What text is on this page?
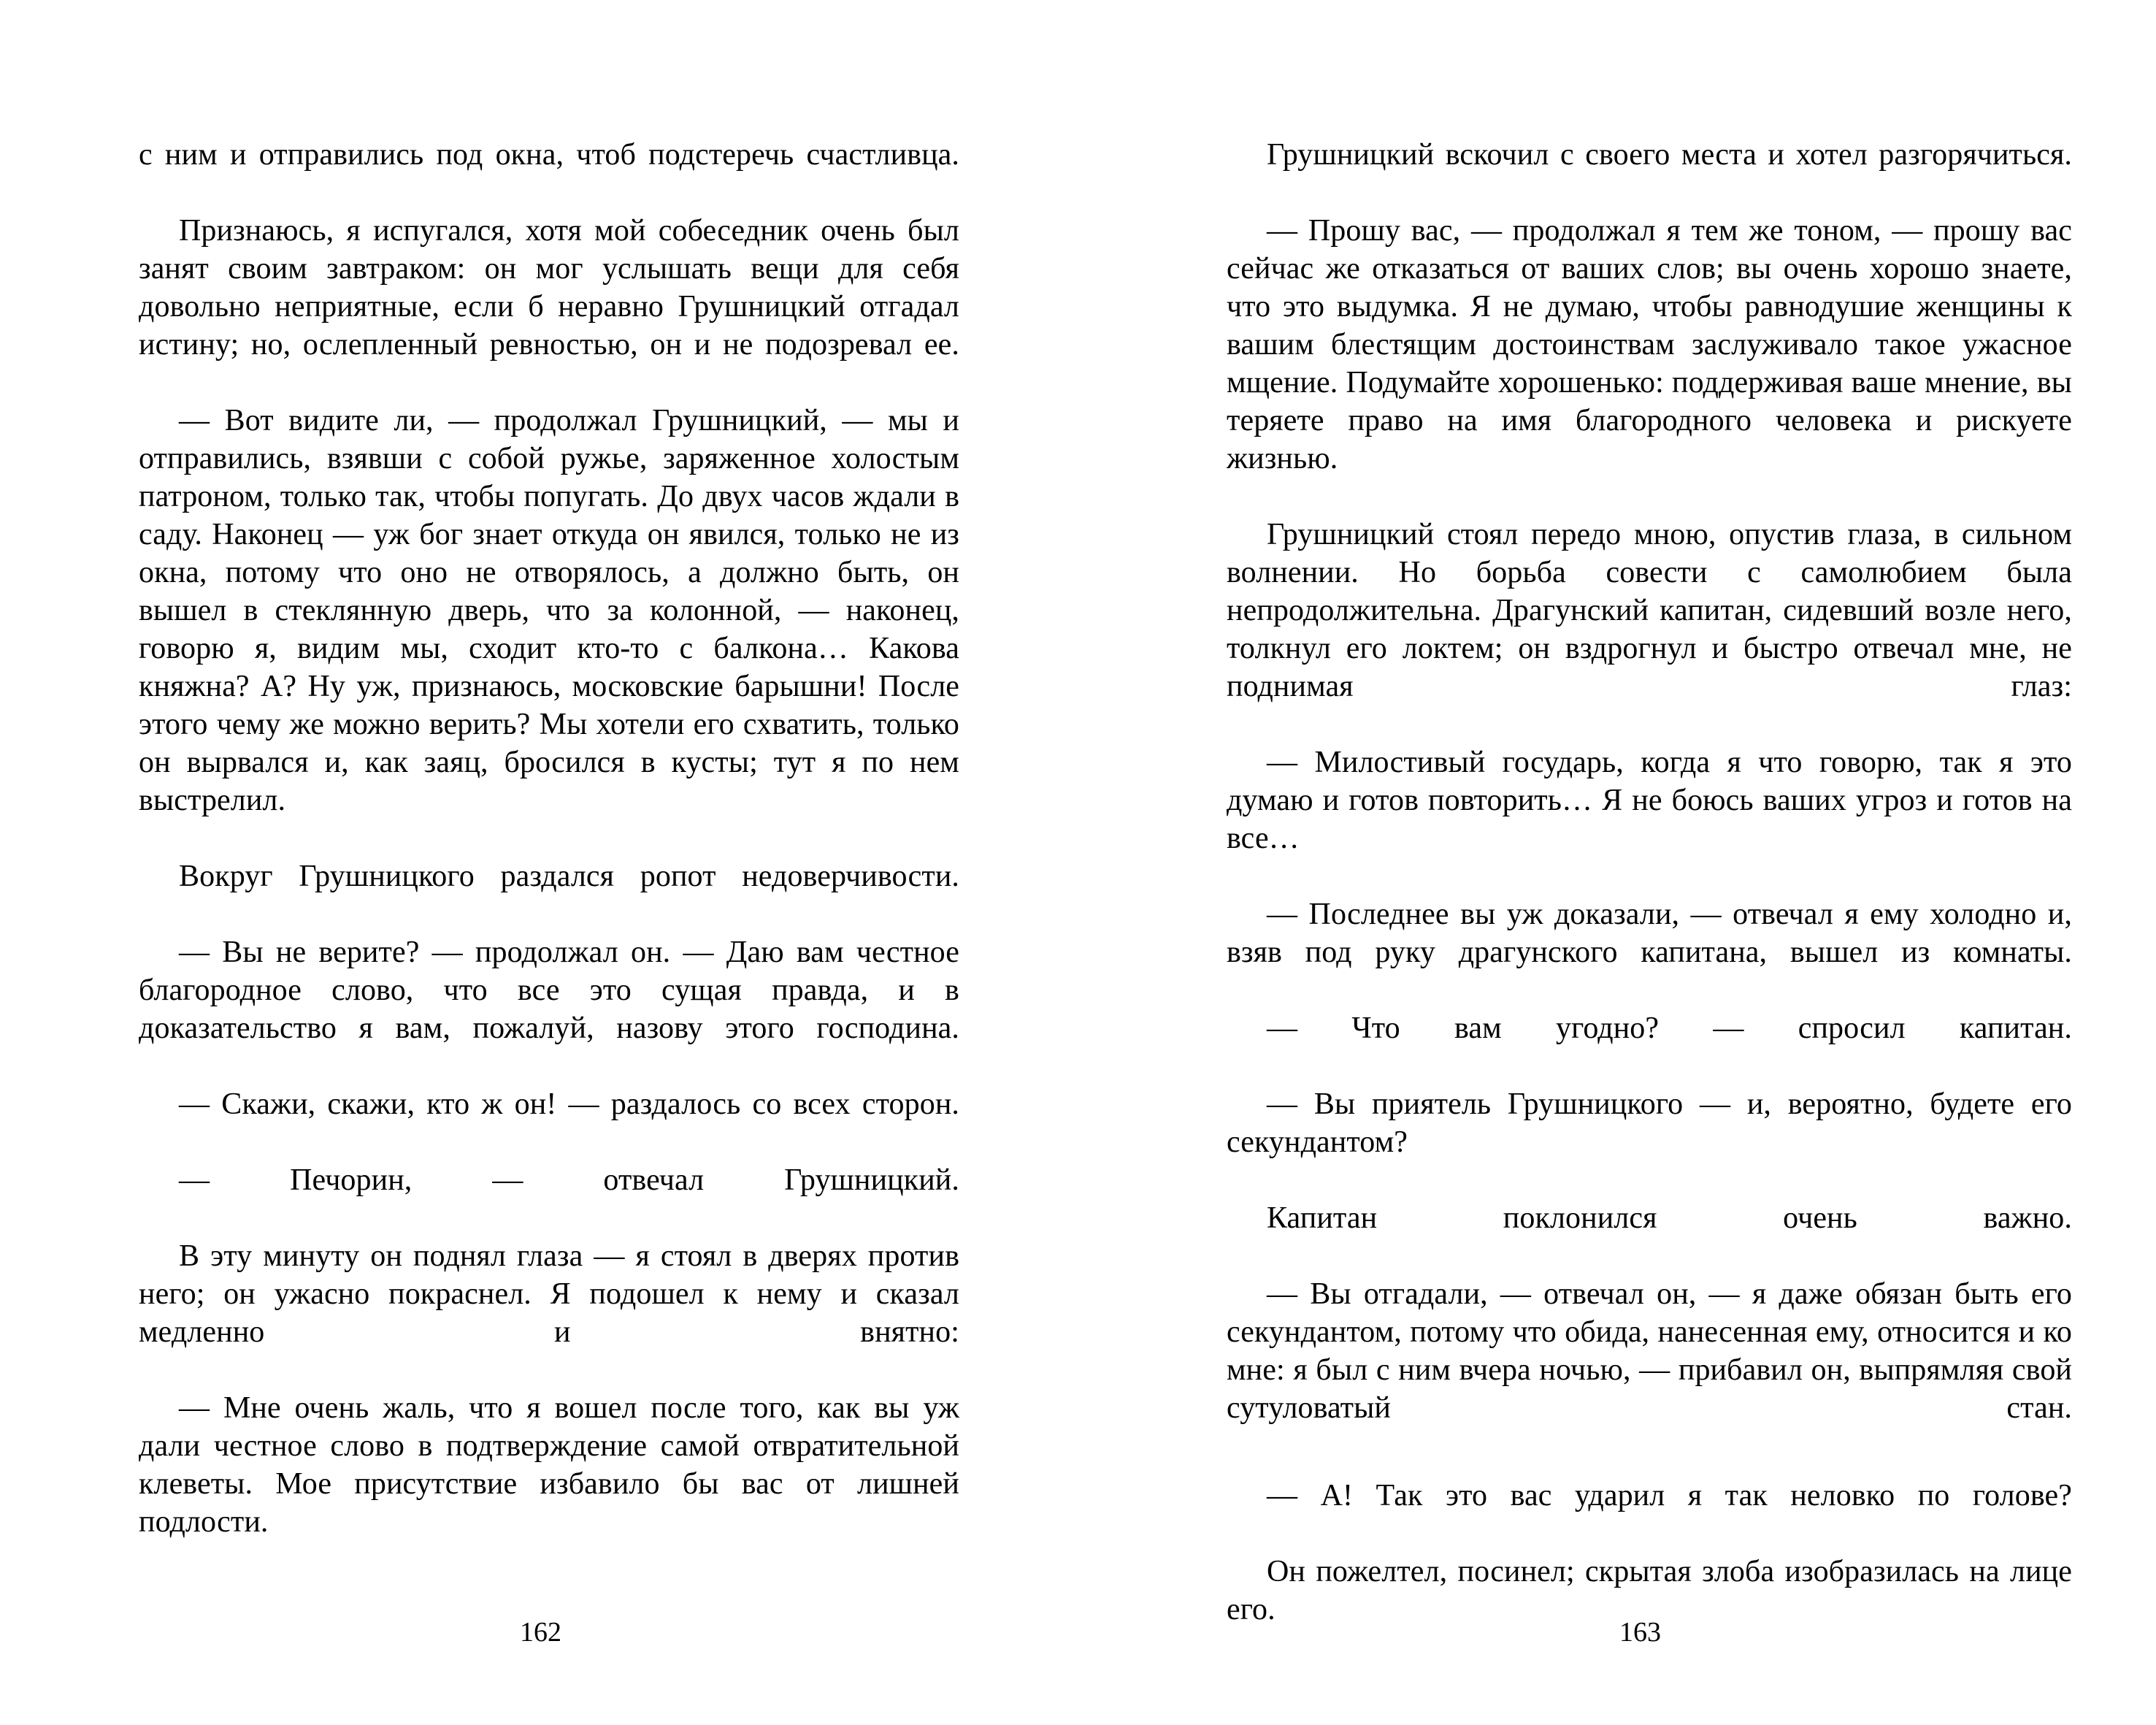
с ним и отправились под окна, чтоб подстеречь счастливца.

Признаюсь, я испугался, хотя мой собеседник очень был занят своим завтраком: он мог услышать вещи для себя довольно неприятные, если б неравно Грушницкий отгадал истину; но, ослепленный ревностью, он и не подозревал ее.

— Вот видите ли, — продолжал Грушницкий, — мы и отправились, взявши с собой ружье, заряженное холостым патроном, только так, чтобы попугать. До двух часов ждали в саду. Наконец — уж бог знает откуда он явился, только не из окна, потому что оно не отворялось, а должно быть, он вышел в стеклянную дверь, что за колонной, — наконец, говорю я, видим мы, сходит кто-то с балкона… Какова княжна? А? Ну уж, признаюсь, московские барышни! После этого чему же можно верить? Мы хотели его схватить, только он вырвался и, как заяц, бросился в кусты; тут я по нем выстрелил.

Вокруг Грушницкого раздался ропот недоверчивости.

— Вы не верите? — продолжал он. — Даю вам честное благородное слово, что все это сущая правда, и в доказательство я вам, пожалуй, назову этого господина.

— Скажи, скажи, кто ж он! — раздалось со всех сторон.

— Печорин, — отвечал Грушницкий.

В эту минуту он поднял глаза — я стоял в дверях против него; он ужасно покраснел. Я подошел к нему и сказал медленно и внятно:

— Мне очень жаль, что я вошел после того, как вы уж дали честное слово в подтверждение самой отвратительной клеветы. Мое присутствие избавило бы вас от лишней подлости.

Грушницкий вскочил с своего места и хотел разгорячиться.

— Прошу вас, — продолжал я тем же тоном, — прошу вас сейчас же отказаться от ваших слов; вы очень хорошо знаете, что это выдумка. Я не думаю, чтобы равнодушие женщины к вашим блестящим достоинствам заслуживало такое ужасное мщение. Подумайте хорошенько: поддерживая ваше мнение, вы теряете право на имя благородного человека и рискуете жизнью.

Грушницкий стоял передо мною, опустив глаза, в сильном волнении. Но борьба совести с самолюбием была непродолжительна. Драгунский капитан, сидевший возле него, толкнул его локтем; он вздрогнул и быстро отвечал мне, не поднимая глаз:

— Милостивый государь, когда я что говорю, так я это думаю и готов повторить… Я не боюсь ваших угроз и готов на все…

— Последнее вы уж доказали, — отвечал я ему холодно и, взяв под руку драгунского капитана, вышел из комнаты.

— Что вам угодно? — спросил капитан.

— Вы приятель Грушницкого — и, вероятно, будете его секундантом?

Капитан поклонился очень важно.

— Вы отгадали, — отвечал он, — я даже обязан быть его секундантом, потому что обида, нанесенная ему, относится и ко мне: я был с ним вчера ночью, — прибавил он, выпрямляя свой сутуловатый стан.

— А! Так это вас ударил я так неловко по голове?

Он пожелтел, посинел; скрытая злоба изобразилась на лице его.

162	163
